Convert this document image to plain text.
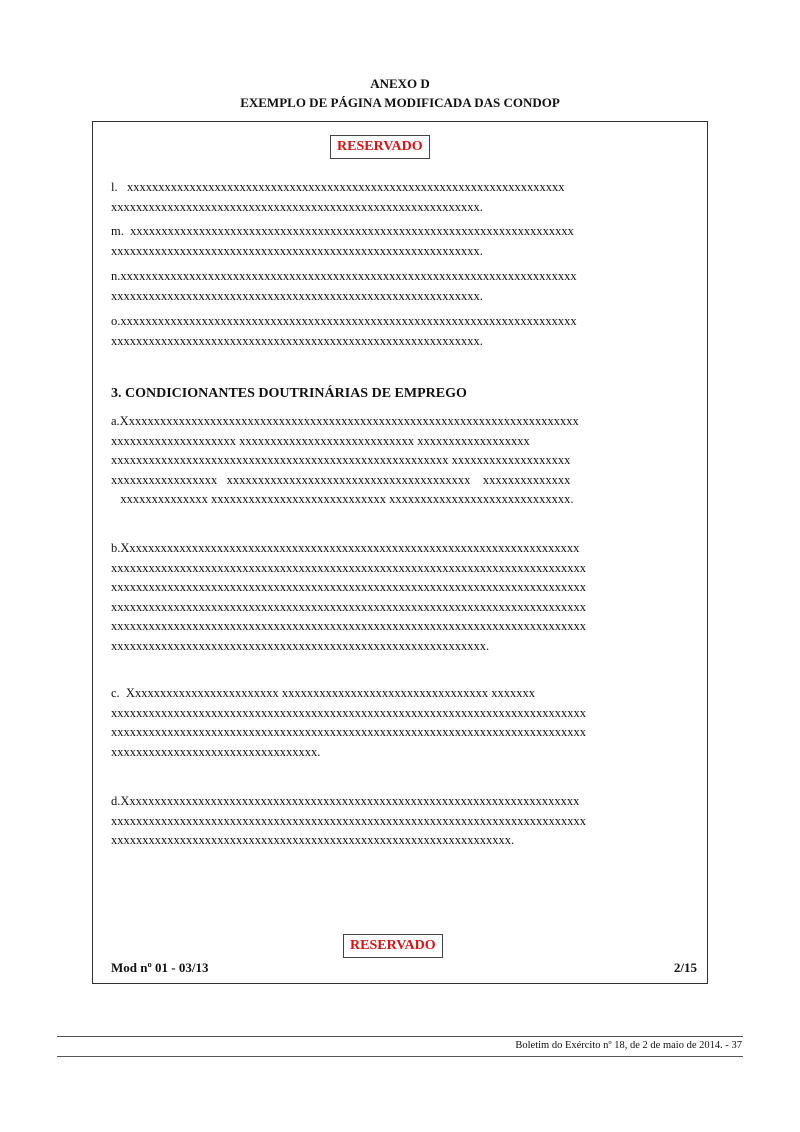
ANEXO D
EXEMPLO DE PÁGINA MODIFICADA DAS CONDOP
RESERVADO

l.   xxxxxxxxxxxxxxxxxxxxxxxxxxxxxxxxxxxxxxxxxxxxxxxxxxxxxxxxxxxxxxxxxxxxxx
xxxxxxxxxxxxxxxxxxxxxxxxxxxxxxxxxxxxxxxxxxxxxxxxxxxxxxxxxxx.

m.  xxxxxxxxxxxxxxxxxxxxxxxxxxxxxxxxxxxxxxxxxxxxxxxxxxxxxxxxxxxxxxxxxxxxxxx
xxxxxxxxxxxxxxxxxxxxxxxxxxxxxxxxxxxxxxxxxxxxxxxxxxxxxxxxxxx.

n.xxxxxxxxxxxxxxxxxxxxxxxxxxxxxxxxxxxxxxxxxxxxxxxxxxxxxxxxxxxxxxxxxxxxxxxxx
xxxxxxxxxxxxxxxxxxxxxxxxxxxxxxxxxxxxxxxxxxxxxxxxxxxxxxxxxxx.

o.xxxxxxxxxxxxxxxxxxxxxxxxxxxxxxxxxxxxxxxxxxxxxxxxxxxxxxxxxxxxxxxxxxxxxxxxx
xxxxxxxxxxxxxxxxxxxxxxxxxxxxxxxxxxxxxxxxxxxxxxxxxxxxxxxxxxx.

3. CONDICIONANTES DOUTRINÁRIAS DE EMPREGO

a.Xxxxxxxxxxxxxxxxxxxxxxxxxxxxxxxxxxxxxxxxxxxxxxxxxxxxxxxxxxxxxxxxxxxxxxxxx
xxxxxxxxxxxxxxxxxxxx xxxxxxxxxxxxxxxxxxxxxxxxxxxx xxxxxxxxxxxxxxxxxx
xxxxxxxxxxxxxxxxxxxxxxxxxxxxxxxxxxxxxxxxxxxxxxxxxxxxxx xxxxxxxxxxxxxxxxxxx
xxxxxxxxxxxxxxxxx   xxxxxxxxxxxxxxxxxxxxxxxxxxxxxxxxxxxxxxx    xxxxxxxxxxxxxx
xxxxxxxxxxxxxx xxxxxxxxxxxxxxxxxxxxxxxxxxxx xxxxxxxxxxxxxxxxxxxxxxxxxxxxx.

b.Xxxxxxxxxxxxxxxxxxxxxxxxxxxxxxxxxxxxxxxxxxxxxxxxxxxxxxxxxxxxxxxxxxxxxxxxx
xxxxxxxxxxxxxxxxxxxxxxxxxxxxxxxxxxxxxxxxxxxxxxxxxxxxxxxxxxxxxxxxxxxxxxxxxxxx
xxxxxxxxxxxxxxxxxxxxxxxxxxxxxxxxxxxxxxxxxxxxxxxxxxxxxxxxxxxxxxxxxxxxxxxxxxxx
xxxxxxxxxxxxxxxxxxxxxxxxxxxxxxxxxxxxxxxxxxxxxxxxxxxxxxxxxxxxxxxxxxxxxxxxxxxx
xxxxxxxxxxxxxxxxxxxxxxxxxxxxxxxxxxxxxxxxxxxxxxxxxxxxxxxxxxxxxxxxxxxxxxxxxxxx
xxxxxxxxxxxxxxxxxxxxxxxxxxxxxxxxxxxxxxxxxxxxxxxxxxxxxxxxxxxx.

c.  Xxxxxxxxxxxxxxxxxxxxxxxx xxxxxxxxxxxxxxxxxxxxxxxxxxxxxxxxx xxxxxxx
xxxxxxxxxxxxxxxxxxxxxxxxxxxxxxxxxxxxxxxxxxxxxxxxxxxxxxxxxxxxxxxxxxxxxxxxxxxx
xxxxxxxxxxxxxxxxxxxxxxxxxxxxxxxxxxxxxxxxxxxxxxxxxxxxxxxxxxxxxxxxxxxxxxxxxxxx
xxxxxxxxxxxxxxxxxxxxxxxxxxxxxxxxx.

d.Xxxxxxxxxxxxxxxxxxxxxxxxxxxxxxxxxxxxxxxxxxxxxxxxxxxxxxxxxxxxxxxxxxxxxxxxx
xxxxxxxxxxxxxxxxxxxxxxxxxxxxxxxxxxxxxxxxxxxxxxxxxxxxxxxxxxxxxxxxxxxxxxxxxxxx
xxxxxxxxxxxxxxxxxxxxxxxxxxxxxxxxxxxxxxxxxxxxxxxxxxxxxxxxxxxxxxxx.

RESERVADO
Mod nº 01 - 03/13	2/15
Boletim do Exército nº 18, de 2 de maio de 2014. - 37
